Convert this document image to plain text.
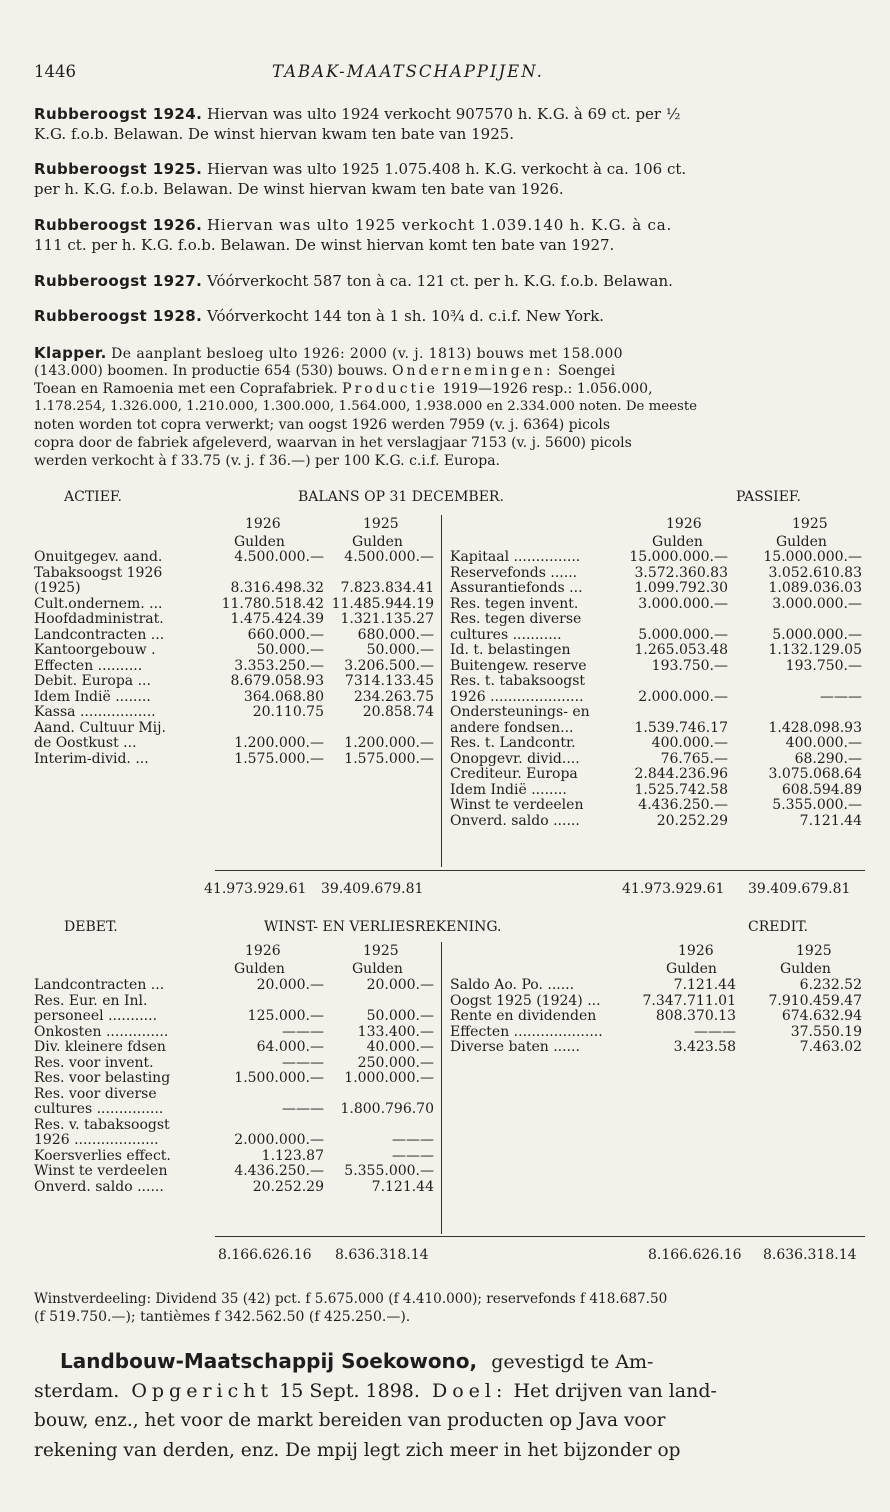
1446	TABAK-MAATSCHAPPIJEN.
Rubberoogst 1924. Hiervan was ulto 1924 verkocht 907570 h. K.G. à 69 ct. per ½
K.G. f.o.b. Belawan. De winst hiervan kwam ten bate van 1925.
Rubberoogst 1925. Hiervan was ulto 1925 1.075.408 h. K.G. verkocht à ca. 106 ct.
per h. K.G. f.o.b. Belawan. De winst hiervan kwam ten bate van 1926.
Rubberoogst 1926. Hiervan was ulto 1925 verkocht 1.039.140 h. K.G. à ca.
111 ct. per h. K.G. f.o.b. Belawan. De winst hiervan komt ten bate van 1927.
Rubberoogst 1927. Vóórverkocht 587 ton à ca. 121 ct. per h. K.G. f.o.b. Belawan.
Rubberoogst 1928. Vóórverkocht 144 ton à 1 sh. 10¾ d. c.i.f. New York.
Klapper. De aanplant besloeg ulto 1926: 2000 (v. j. 1813) bouws met 158.000
(143.000) boomen. In productie 654 (530) bouws. Ondernemingen: Soengei
Toean en Ramoenia met een Coprafabriek. Productie 1919—1926 resp.: 1.056.000,
1.178.254, 1.326.000, 1.210.000, 1.300.000, 1.564.000, 1.938.000 en 2.334.000 noten. De meeste
noten worden tot copra verwerkt; van oogst 1926 werden 7959 (v. j. 6364) picols
copra door de fabriek afgeleverd, waarvan in het verslagjaar 7153 (v. j. 5600) picols
werden verkocht à f 33.75 (v. j. f 36.—) per 100 K.G. c.i.f. Europa.
ACTIEF.	BALANS OP 31 DECEMBER.	PASSIEF.
1926	1925	1926	1925
Gulden	Gulden	Gulden	Gulden
Onuitgegev. aand.	4.500.000.— 4.500.000.—
Tabaksoogst 1926
(1925)	8.316.498.32 7.823.834.41
Cult.ondernem. ...	11.780.518.42 11.485.944.19
Hoofdadministrat.	1.475.424.39 1.321.135.27
Landcontracten ...	660.000.— 680.000.—
Kantoorgebouw .	50.000.—	50.000.—
Effecten ..........	3.353.250.— 3.206.500.—
Debit. Europa ...	8.679.058.93 7314.133.45
Idem Indië ........	364.068.80 234.263.75
Kassa .................	20.110.75	20.858.74
Aand. Cultuur Mij.
de Oostkust ...	1.200.000.— 1.200.000.—
Interim-divid. ...	1.575.000.— 1.575.000.—
Kapitaal ...............	15.000.000.—	15.000.000.—
Reservefonds ......	3.572.360.83	3.052.610.83
Assurantiefonds ...	1.099.792.30	1.089.036.03
Res. tegen invent.	3.000.000.—	3.000.000.—
Res. tegen diverse
cultures ...........	5.000.000.—	5.000.000.—
Id. t. belastingen	1.265.053.48	1.132.129.05
Buitengew. reserve	193.750.—	193.750.—
Res. t. tabaksoogst
1926 .....................	2.000.000.—	———
Ondersteunings- en
andere fondsen...	1.539.746.17	1.428.098.93
Res. t. Landcontr.	400.000.—	400.000.—
Onopgevr. divid....	76.765.—	68.290.—
Crediteur. Europa	2.844.236.96	3.075.068.64
Idem Indië ........	1.525.742.58	608.594.89
Winst te verdeelen	4.436.250.—	5.355.000.—
Onverd. saldo ......	20.252.29	7.121.44
41.973.929.61 39.409.679.81	41.973.929.61 39.409.679.81
DEBET.	WINST- EN VERLIESREKENING.	CREDIT.
1926	1925	1926	1925
Gulden	Gulden	Gulden	Gulden
Landcontracten ...	20.000.—	20.000.—
Res. Eur. en Inl.
personeel ...........	125.000.—	50.000.—
Onkosten ..............	——— 133.400.—
Div. kleinere fdsen	64.000.—	40.000.—
Res. voor invent.	——— 250.000.—
Res. voor belasting	1.500.000.— 1.000.000.—
Res. voor diverse
cultures ...............	——— 1.800.796.70
Res. v. tabaksoogst
1926 ...................	2.000.000.—	———
Koersverlies effect.	1.123.87	———
Winst te verdeelen	4.436.250.— 5.355.000.—
Onverd. saldo ......	20.252.29	7.121.44
Saldo Ao. Po. ......	7.121.44	6.232.52
Oogst 1925 (1924) ...	7.347.711.01 7.910.459.47
Rente en dividenden	808.370.13	674.632.94
Effecten ....................	———	37.550.19
Diverse baten ......	3.423.58	7.463.02
8.166.626.16 8.636.318.14	8.166.626.16 8.636.318.14
Winstverdeeling: Dividend 35 (42) pct. f 5.675.000 (f 4.410.000); reservefonds f 418.687.50
(f 519.750.—); tantièmes f 342.562.50 (f 425.250.—).
Landbouw-Maatschappij Soekowono, gevestigd te Am-
sterdam. Opgericht 15 Sept. 1898. Doel: Het drijven van land-
bouw, enz., het voor de markt bereiden van producten op Java voor
rekening van derden, enz. De mpij legt zich meer in het bijzonder op
